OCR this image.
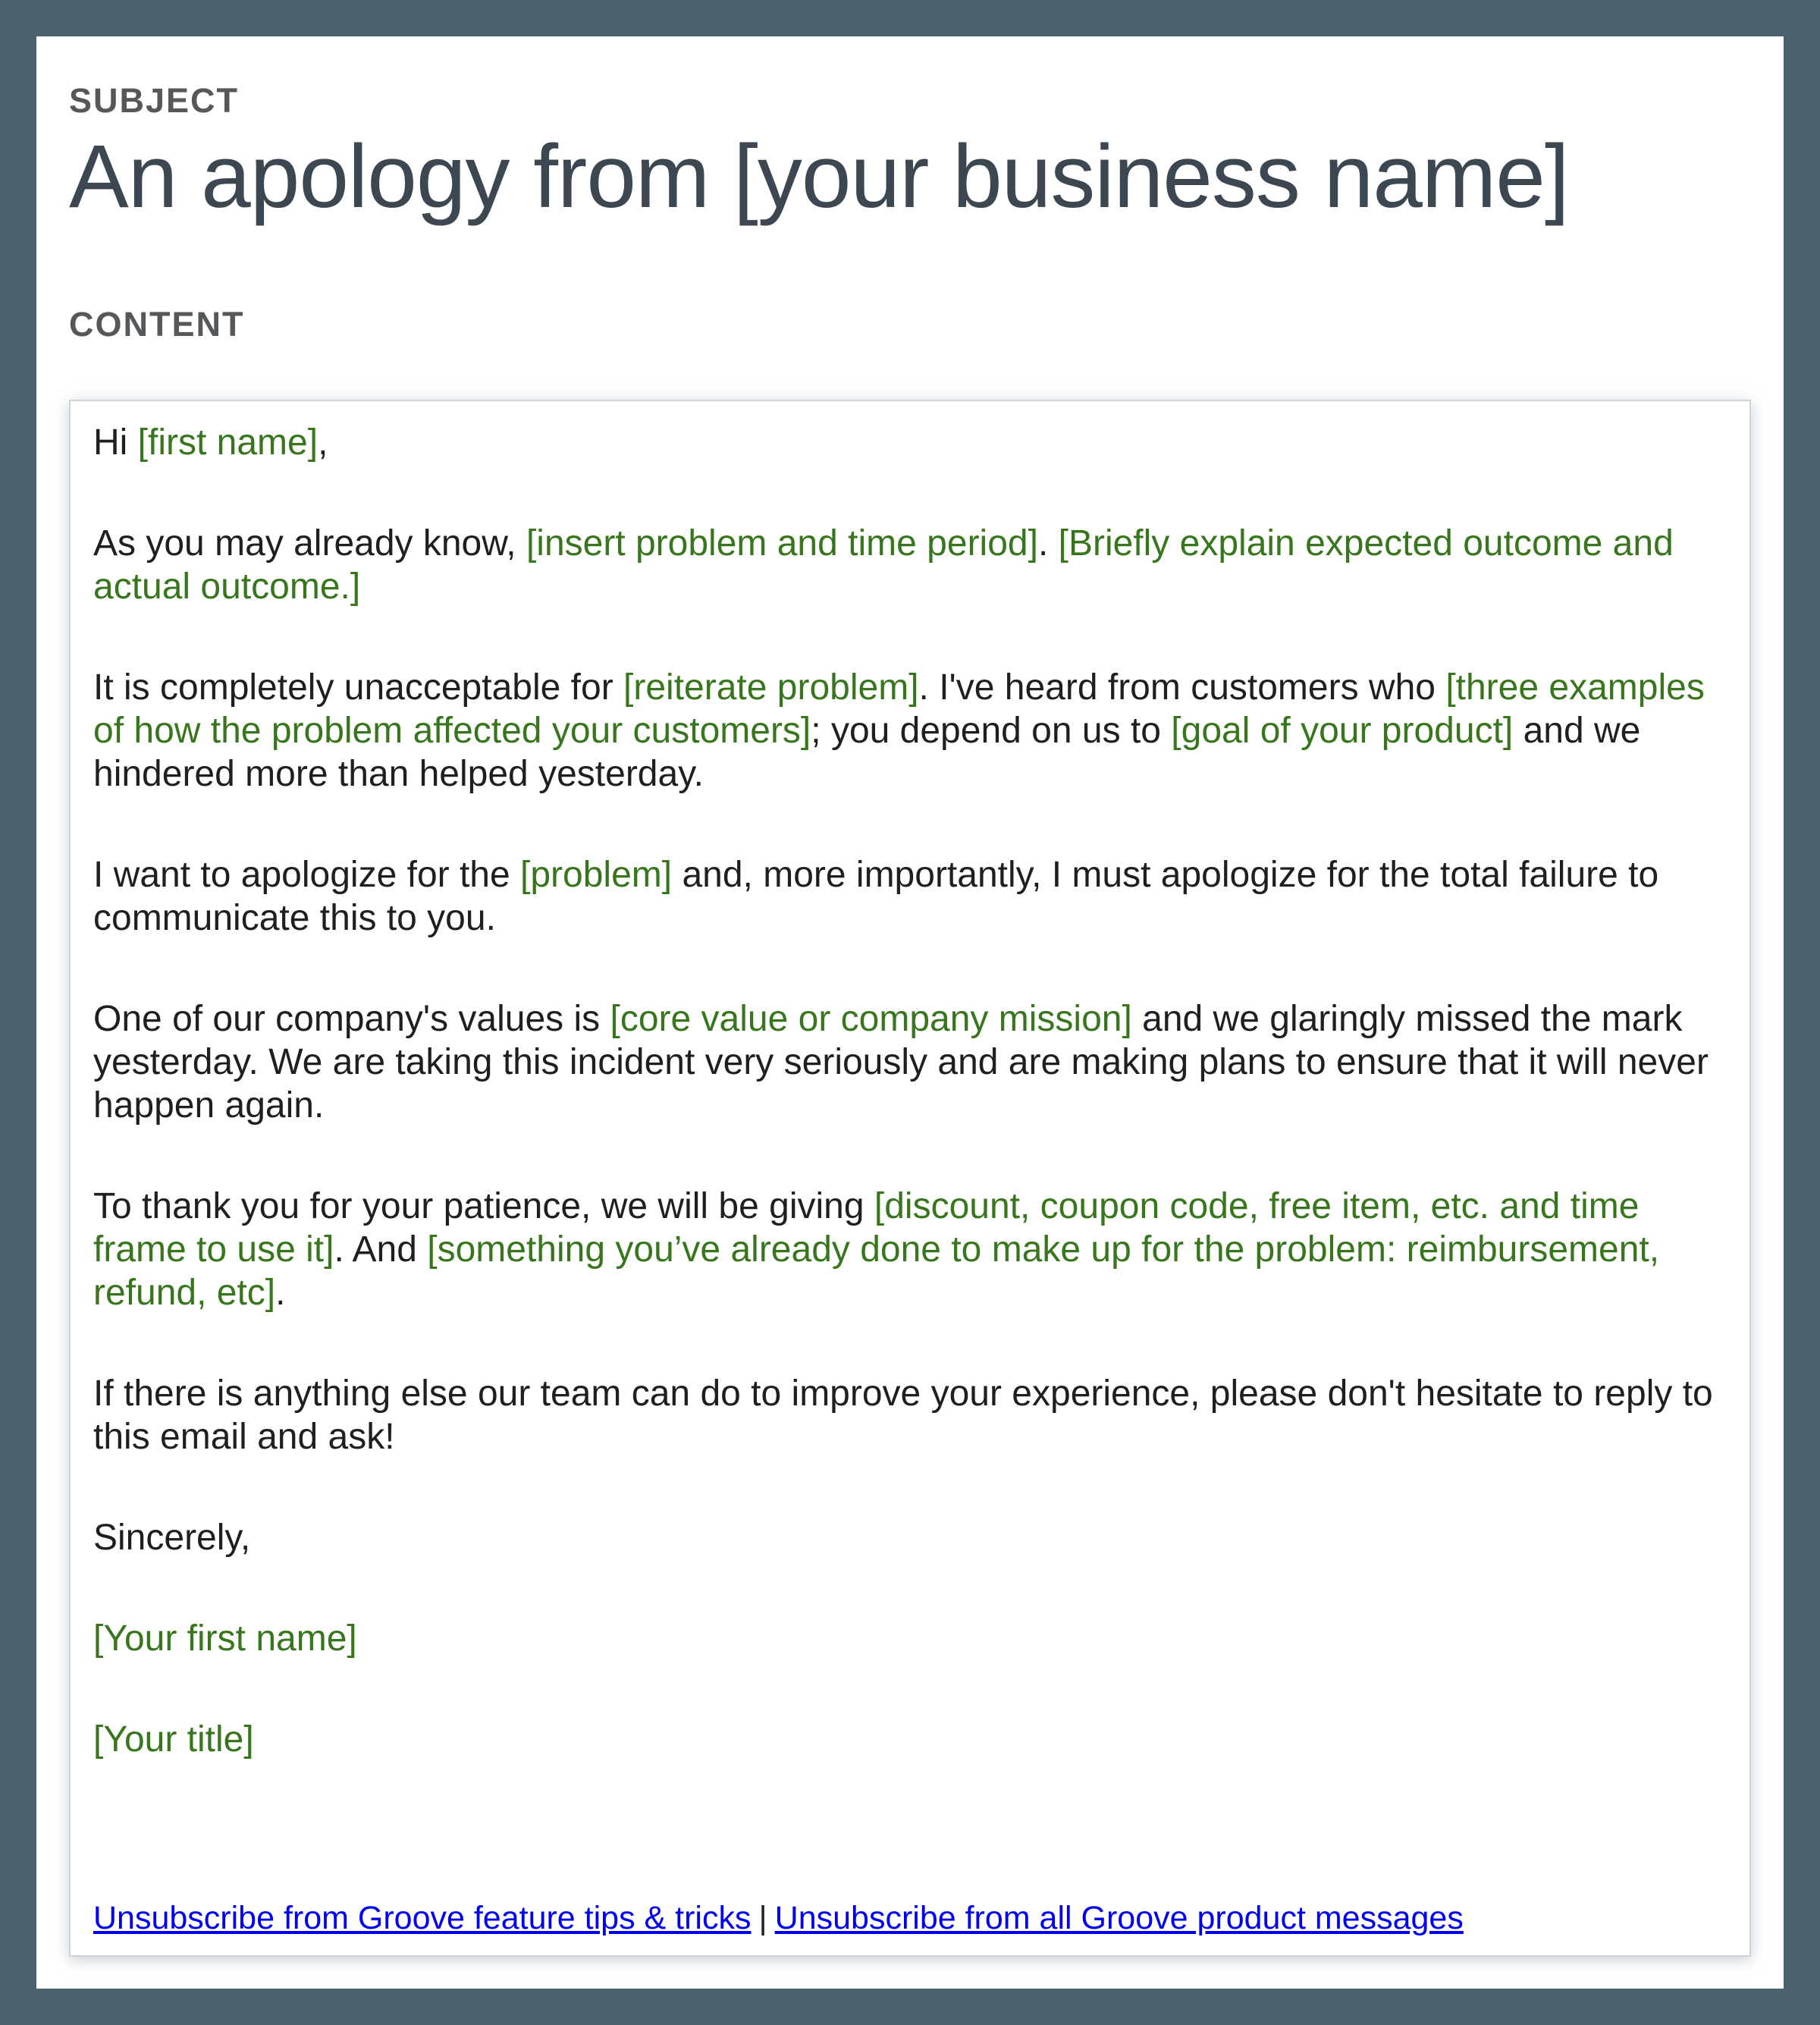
SUBJECT
An apology from [your business name]
CONTENT

Hi [first name],

As you may already know, [insert problem and time period]. [Briefly explain expected outcome and actual outcome.]

It is completely unacceptable for [reiterate problem]. I've heard from customers who [three examples of how the problem affected your customers]; you depend on us to [goal of your product] and we hindered more than helped yesterday.

I want to apologize for the [problem] and, more importantly, I must apologize for the total failure to communicate this to you.

One of our company's values is [core value or company mission] and we glaringly missed the mark yesterday. We are taking this incident very seriously and are making plans to ensure that it will never happen again.

To thank you for your patience, we will be giving [discount, coupon code, free item, etc. and time frame to use it]. And [something you’ve already done to make up for the problem: reimbursement, refund, etc].

If there is anything else our team can do to improve your experience, please don't hesitate to reply to this email and ask!

Sincerely,

[Your first name]

[Your title]

Unsubscribe from Groove feature tips & tricks | Unsubscribe from all Groove product messages
